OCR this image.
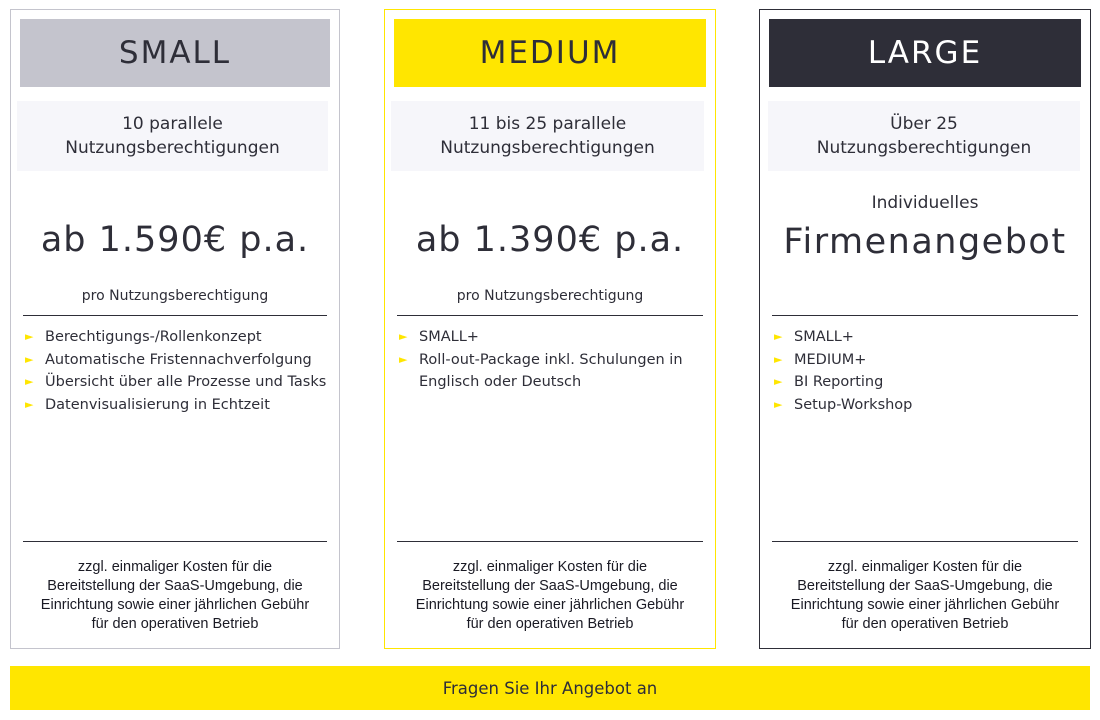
SMALL
10 parallele
Nutzungsberechtigungen
ab 1.590€ p.a.
pro Nutzungsberechtigung
► Berechtigungs-/Rollenkonzept
► Automatische Fristennachverfolgung
► Übersicht über alle Prozesse und Tasks
► Datenvisualisierung in Echtzeit
zzgl. einmaliger Kosten für die
Bereitstellung der SaaS-Umgebung, die
Einrichtung sowie einer jährlichen Gebühr
für den operativen Betrieb
MEDIUM
11 bis 25 parallele
Nutzungsberechtigungen
ab 1.390€ p.a.
pro Nutzungsberechtigung
► SMALL+
► Roll-out-Package inkl. Schulungen in Englisch oder Deutsch
zzgl. einmaliger Kosten für die
Bereitstellung der SaaS-Umgebung, die
Einrichtung sowie einer jährlichen Gebühr
für den operativen Betrieb
LARGE
Über 25
Nutzungsberechtigungen
Individuelles
Firmenangebot
► SMALL+
► MEDIUM+
► BI Reporting
► Setup-Workshop
zzgl. einmaliger Kosten für die
Bereitstellung der SaaS-Umgebung, die
Einrichtung sowie einer jährlichen Gebühr
für den operativen Betrieb
Fragen Sie Ihr Angebot an
